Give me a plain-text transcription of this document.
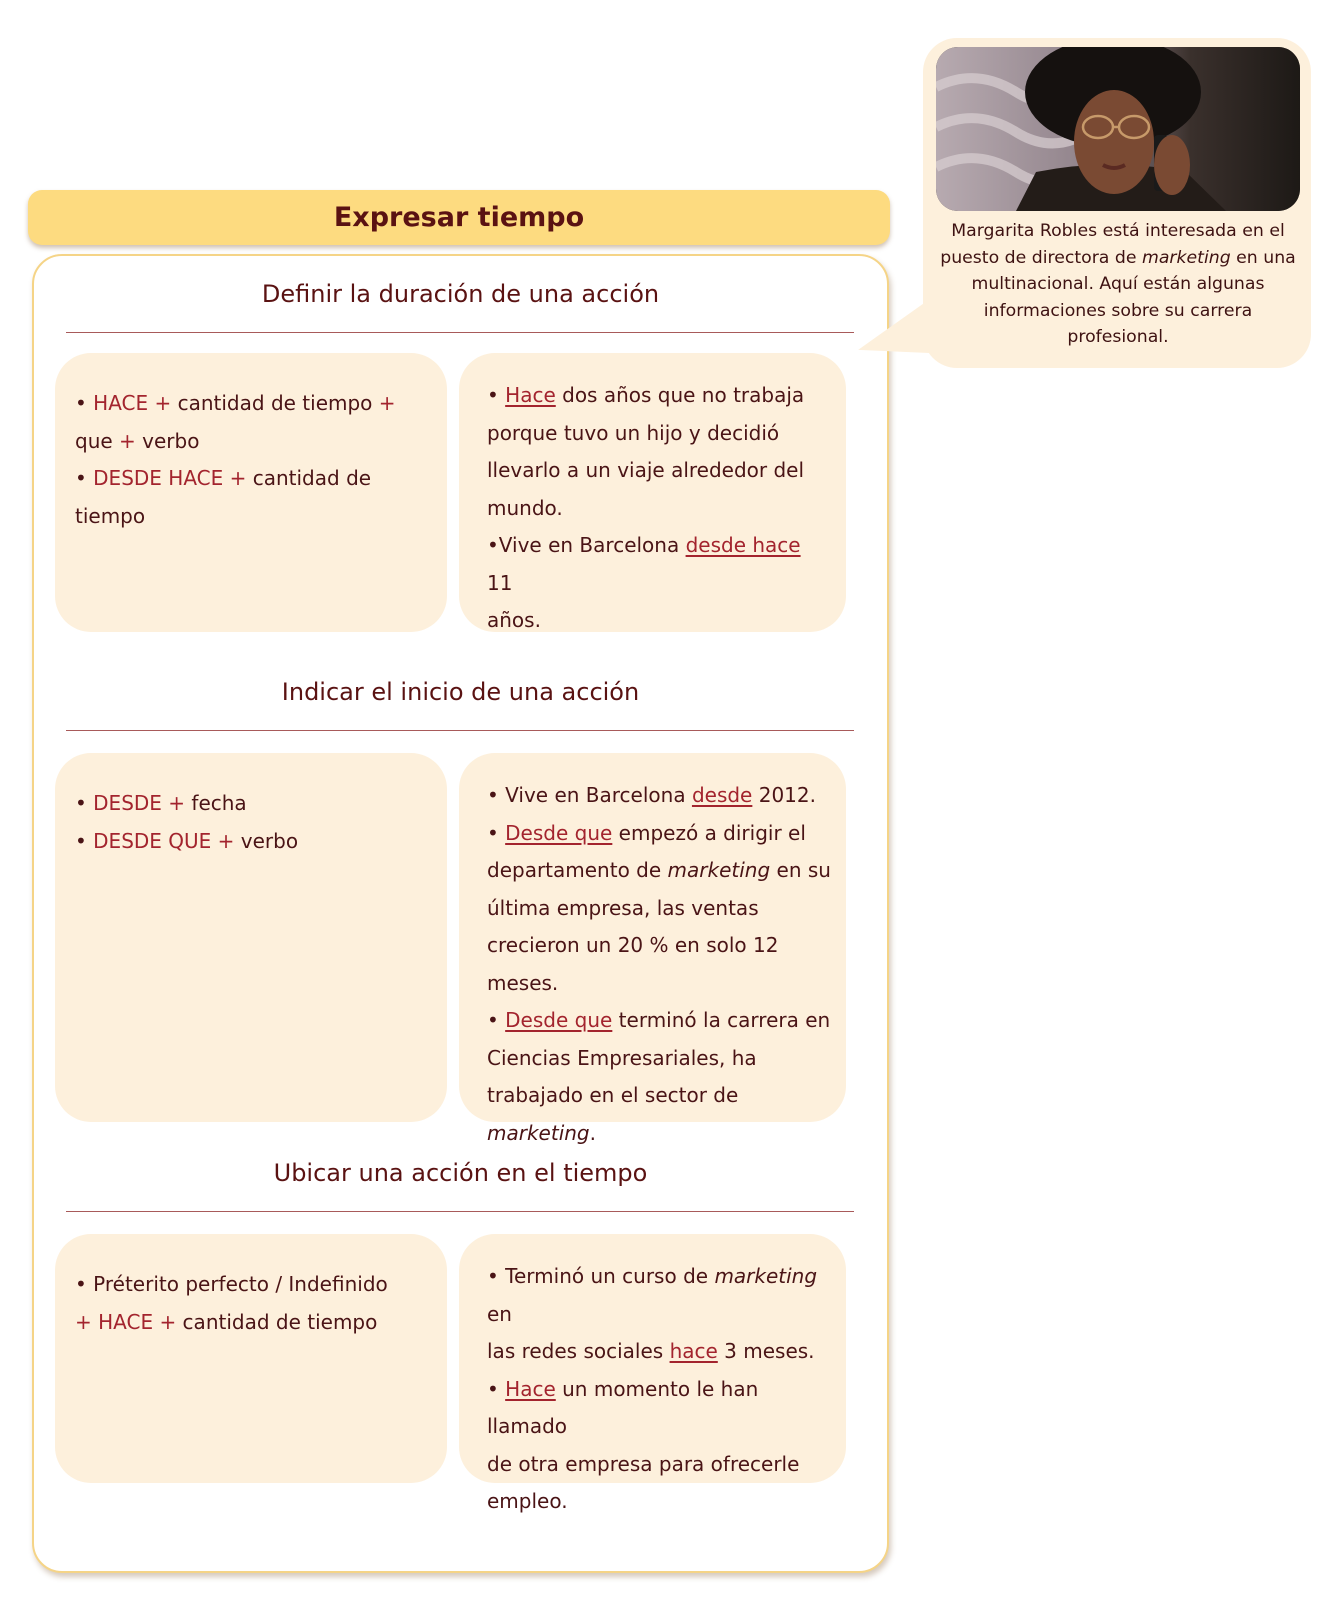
Expresar tiempo
Definir la duración de una acción
• HACE + cantidad de tiempo +
que + verbo
• DESDE HACE + cantidad de tiempo
• Hace dos años que no trabaja
porque tuvo un hijo y decidió
llevarlo a un viaje alrededor del
mundo.
•Vive en Barcelona desde hace 11
años.
Indicar el inicio de una acción
• DESDE + fecha
• DESDE QUE + verbo
• Vive en Barcelona desde 2012.
• Desde que empezó a dirigir el
departamento de marketing en su
última empresa, las ventas
crecieron un 20 % en solo 12 meses.
• Desde que terminó la carrera en
Ciencias Empresariales, ha
trabajado en el sector de marketing.
Ubicar una acción en el tiempo
• Préterito perfecto / Indefinido
+ HACE + cantidad de tiempo
• Terminó un curso de marketing en
las redes sociales hace 3 meses.
• Hace un momento le han llamado
de otra empresa para ofrecerle
empleo.
Margarita Robles está interesada en el
puesto de directora de marketing en una
multinacional. Aquí están algunas
informaciones sobre su carrera
profesional.
